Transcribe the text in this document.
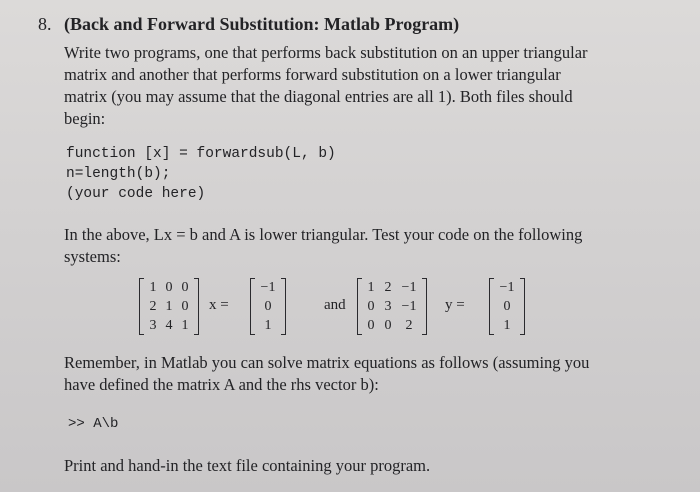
8. (Back and Forward Substitution: Matlab Program)
Write two programs, one that performs back substitution on an upper triangular
matrix and another that performs forward substitution on a lower triangular
matrix (you may assume that the diagonal entries are all 1). Both files should
begin:
function [x] = forwardsub(L, b)
n=length(b);
(your code here)
In the above, Lx = b and A is lower triangular. Test your code on the following
systems:
1 0 0
2 1 0
3 4 1
x =
−1
0
1
and
1 2 −1
0 3 −1
0 0	2
y =
−1
0
1
Remember, in Matlab you can solve matrix equations as follows (assuming you
have defined the matrix A and the rhs vector b):
>> A\b
Print and hand-in the text file containing your program.
